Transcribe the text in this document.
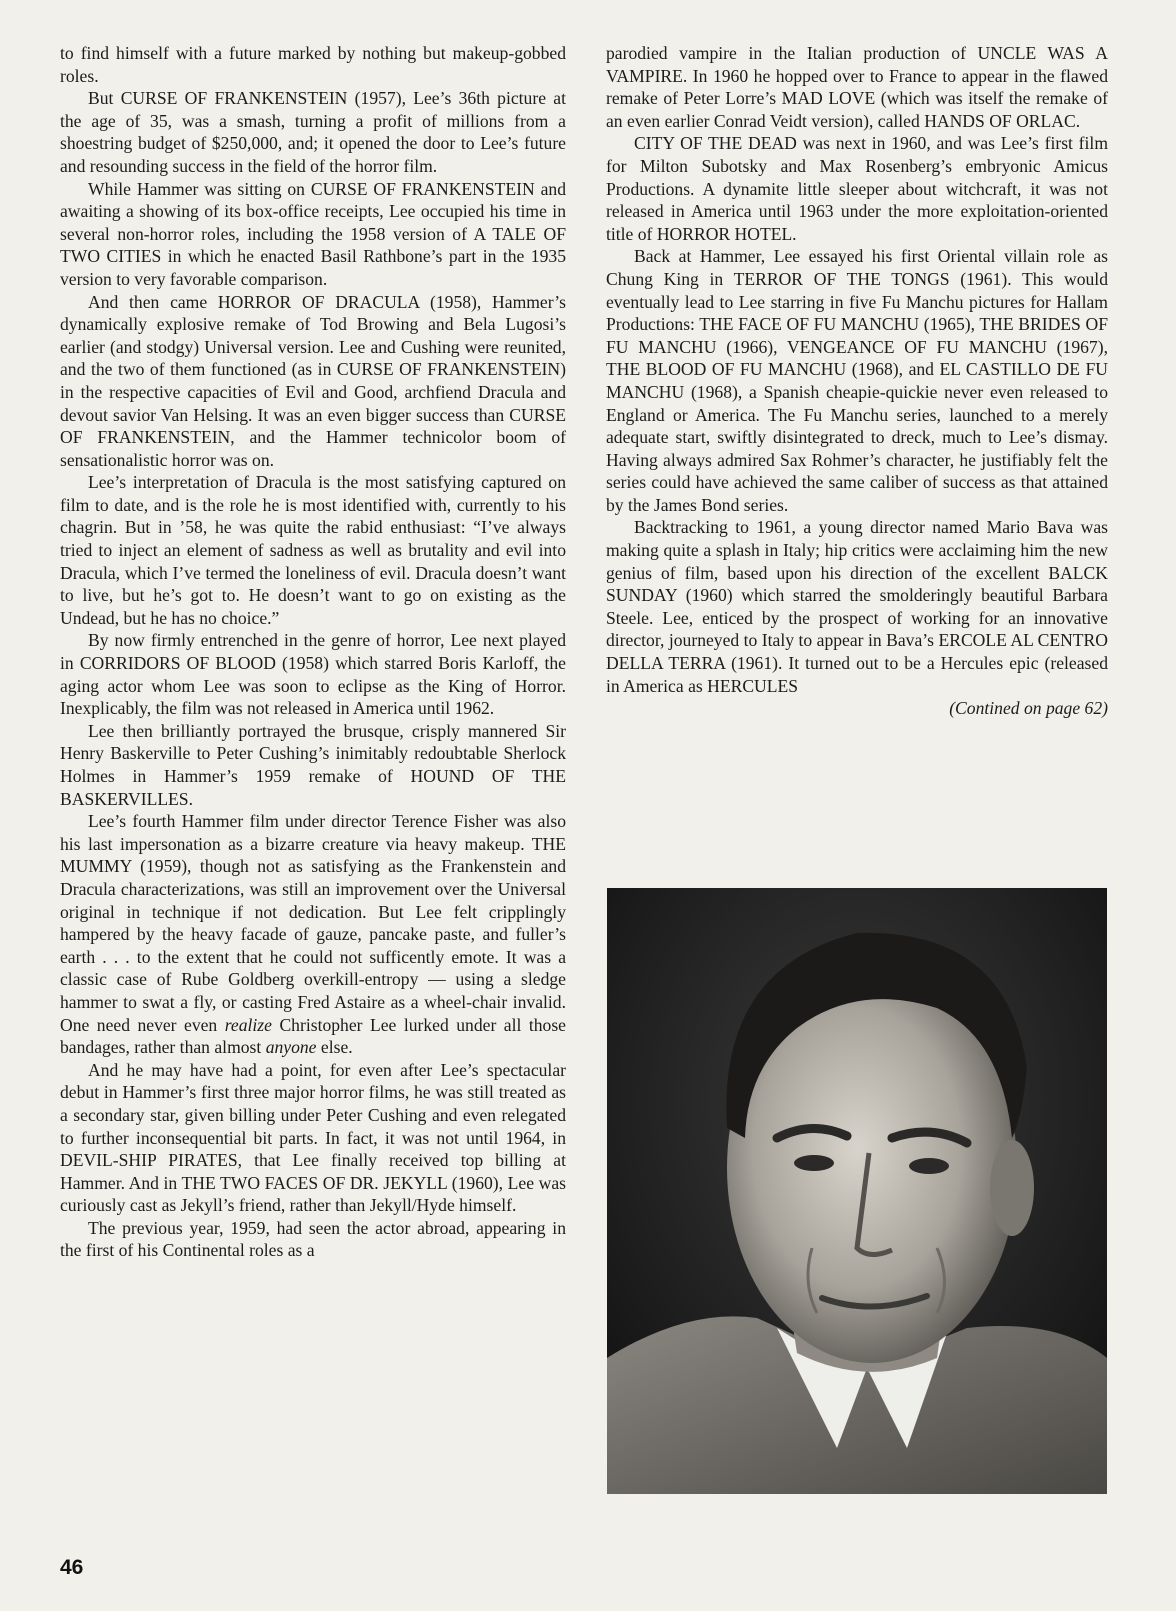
to find himself with a future marked by nothing but makeup-gobbed roles.

But CURSE OF FRANKENSTEIN (1957), Lee’s 36th picture at the age of 35, was a smash, turning a profit of millions from a shoestring budget of $250,000, and; it opened the door to Lee’s future and resounding success in the field of the horror film.

While Hammer was sitting on CURSE OF FRANKENSTEIN and awaiting a showing of its box-office receipts, Lee occupied his time in several non-horror roles, including the 1958 version of A TALE OF TWO CITIES in which he enacted Basil Rathbone’s part in the 1935 version to very favorable comparison.

And then came HORROR OF DRACULA (1958), Hammer’s dynamically explosive remake of Tod Browing and Bela Lugosi’s earlier (and stodgy) Universal version. Lee and Cushing were reunited, and the two of them functioned (as in CURSE OF FRANKENSTEIN) in the respective capacities of Evil and Good, archfiend Dracula and devout savior Van Helsing. It was an even bigger success than CURSE OF FRANKENSTEIN, and the Hammer technicolor boom of sensationalistic horror was on.

Lee’s interpretation of Dracula is the most satisfying captured on film to date, and is the role he is most identified with, currently to his chagrin. But in ’58, he was quite the rabid enthusiast: “I’ve always tried to inject an element of sadness as well as brutality and evil into Dracula, which I’ve termed the loneliness of evil. Dracula doesn’t want to live, but he’s got to. He doesn’t want to go on existing as the Undead, but he has no choice.”

By now firmly entrenched in the genre of horror, Lee next played in CORRIDORS OF BLOOD (1958) which starred Boris Karloff, the aging actor whom Lee was soon to eclipse as the King of Horror. Inexplicably, the film was not released in America until 1962.

Lee then brilliantly portrayed the brusque, crisply mannered Sir Henry Baskerville to Peter Cushing’s inimitably redoubtable Sherlock Holmes in Hammer’s 1959 remake of HOUND OF THE BASKERVILLES.

Lee’s fourth Hammer film under director Terence Fisher was also his last impersonation as a bizarre creature via heavy makeup. THE MUMMY (1959), though not as satisfying as the Frankenstein and Dracula characterizations, was still an improvement over the Universal original in technique if not dedication. But Lee felt cripplingly hampered by the heavy facade of gauze, pancake paste, and fuller’s earth . . . to the extent that he could not sufficently emote. It was a classic case of Rube Goldberg overkill-entropy — using a sledge hammer to swat a fly, or casting Fred Astaire as a wheel-chair invalid. One need never even realize Christopher Lee lurked under all those bandages, rather than almost anyone else.

And he may have had a point, for even after Lee’s spectacular debut in Hammer’s first three major horror films, he was still treated as a secondary star, given billing under Peter Cushing and even relegated to further inconsequential bit parts. In fact, it was not until 1964, in DEVIL-SHIP PIRATES, that Lee finally received top billing at Hammer. And in THE TWO FACES OF DR. JEKYLL (1960), Lee was curiously cast as Jekyll’s friend, rather than Jekyll/Hyde himself.

The previous year, 1959, had seen the actor abroad, appearing in the first of his Continental roles as a

parodied vampire in the Italian production of UNCLE WAS A VAMPIRE. In 1960 he hopped over to France to appear in the flawed remake of Peter Lorre’s MAD LOVE (which was itself the remake of an even earlier Conrad Veidt version), called HANDS OF ORLAC.

CITY OF THE DEAD was next in 1960, and was Lee’s first film for Milton Subotsky and Max Rosenberg’s embryonic Amicus Productions. A dynamite little sleeper about witchcraft, it was not released in America until 1963 under the more exploitation-oriented title of HORROR HOTEL.

Back at Hammer, Lee essayed his first Oriental villain role as Chung King in TERROR OF THE TONGS (1961). This would eventually lead to Lee starring in five Fu Manchu pictures for Hallam Productions: THE FACE OF FU MANCHU (1965), THE BRIDES OF FU MANCHU (1966), VENGEANCE OF FU MANCHU (1967), THE BLOOD OF FU MANCHU (1968), and EL CASTILLO DE FU MANCHU (1968), a Spanish cheapie-quickie never even released to England or America. The Fu Manchu series, launched to a merely adequate start, swiftly disintegrated to dreck, much to Lee’s dismay. Having always admired Sax Rohmer’s character, he justifiably felt the series could have achieved the same caliber of success as that attained by the James Bond series.

Backtracking to 1961, a young director named Mario Bava was making quite a splash in Italy; hip critics were acclaiming him the new genius of film, based upon his direction of the excellent BALCK SUNDAY (1960) which starred the smolderingly beautiful Barbara Steele. Lee, enticed by the prospect of working for an innovative director, journeyed to Italy to appear in Bava’s ERCOLE AL CENTRO DELLA TERRA (1961). It turned out to be a Hercules epic (released in America as HERCULES

(Contined on page 62)

46
